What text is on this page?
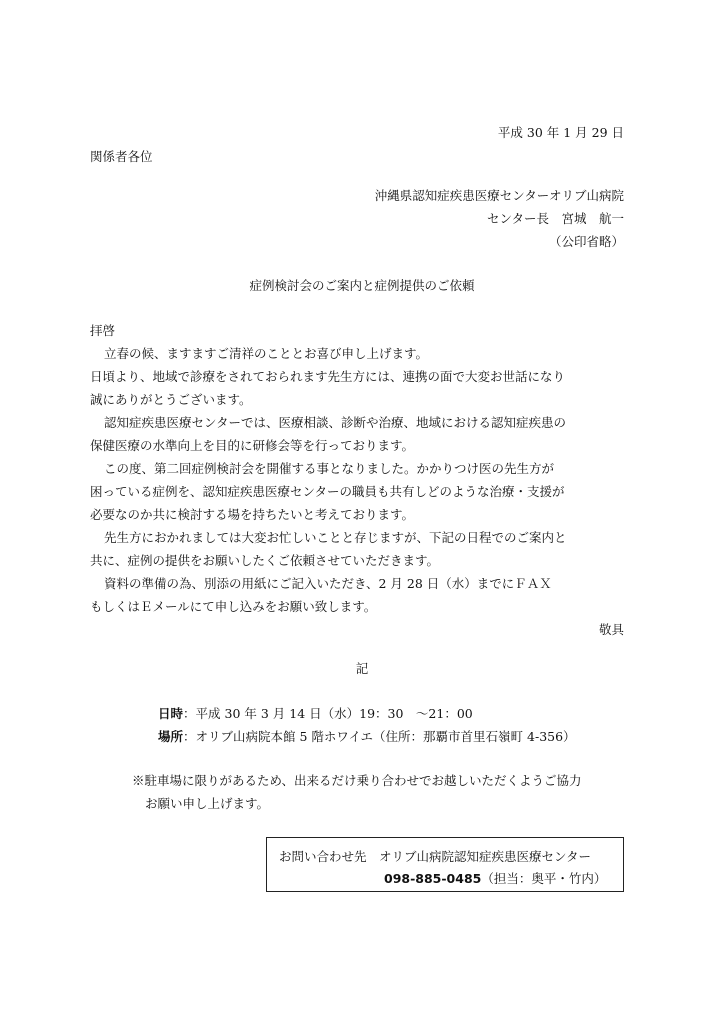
平成 30 年 1 月 29 日
関係者各位
沖縄県認知症疾患医療センターオリブ山病院
センター長　宮城　航一
（公印省略）
症例検討会のご案内と症例提供のご依頼
拝啓
立春の候、ますますご清祥のこととお喜び申し上げます。
日頃より、地域で診療をされておられます先生方には、連携の面で大変お世話になり
誠にありがとうございます。
認知症疾患医療センターでは、医療相談、診断や治療、地域における認知症疾患の
保健医療の水準向上を目的に研修会等を行っております。
この度、第二回症例検討会を開催する事となりました。かかりつけ医の先生方が
困っている症例を、認知症疾患医療センターの職員も共有しどのような治療・支援が
必要なのか共に検討する場を持ちたいと考えております。
先生方におかれましては大変お忙しいことと存じますが、下記の日程でのご案内と
共に、症例の提供をお願いしたくご依頼させていただきます。
資料の準備の為、別添の用紙にご記入いただき、2 月 28 日（水）までにＦＡＸ
もしくはＥメールにて申し込みをお願い致します。
敬具
記
日時：平成 30 年 3 月 14 日（水）19：30　～21：00
場所：オリブ山病院本館 5 階ホワイエ（住所：那覇市首里石嶺町 4-356）
※駐車場に限りがあるため、出来るだけ乗り合わせでお越しいただくようご協力
お願い申し上げます。
お問い合わせ先　オリブ山病院認知症疾患医療センター
098-885-0485（担当：奥平・竹内）
